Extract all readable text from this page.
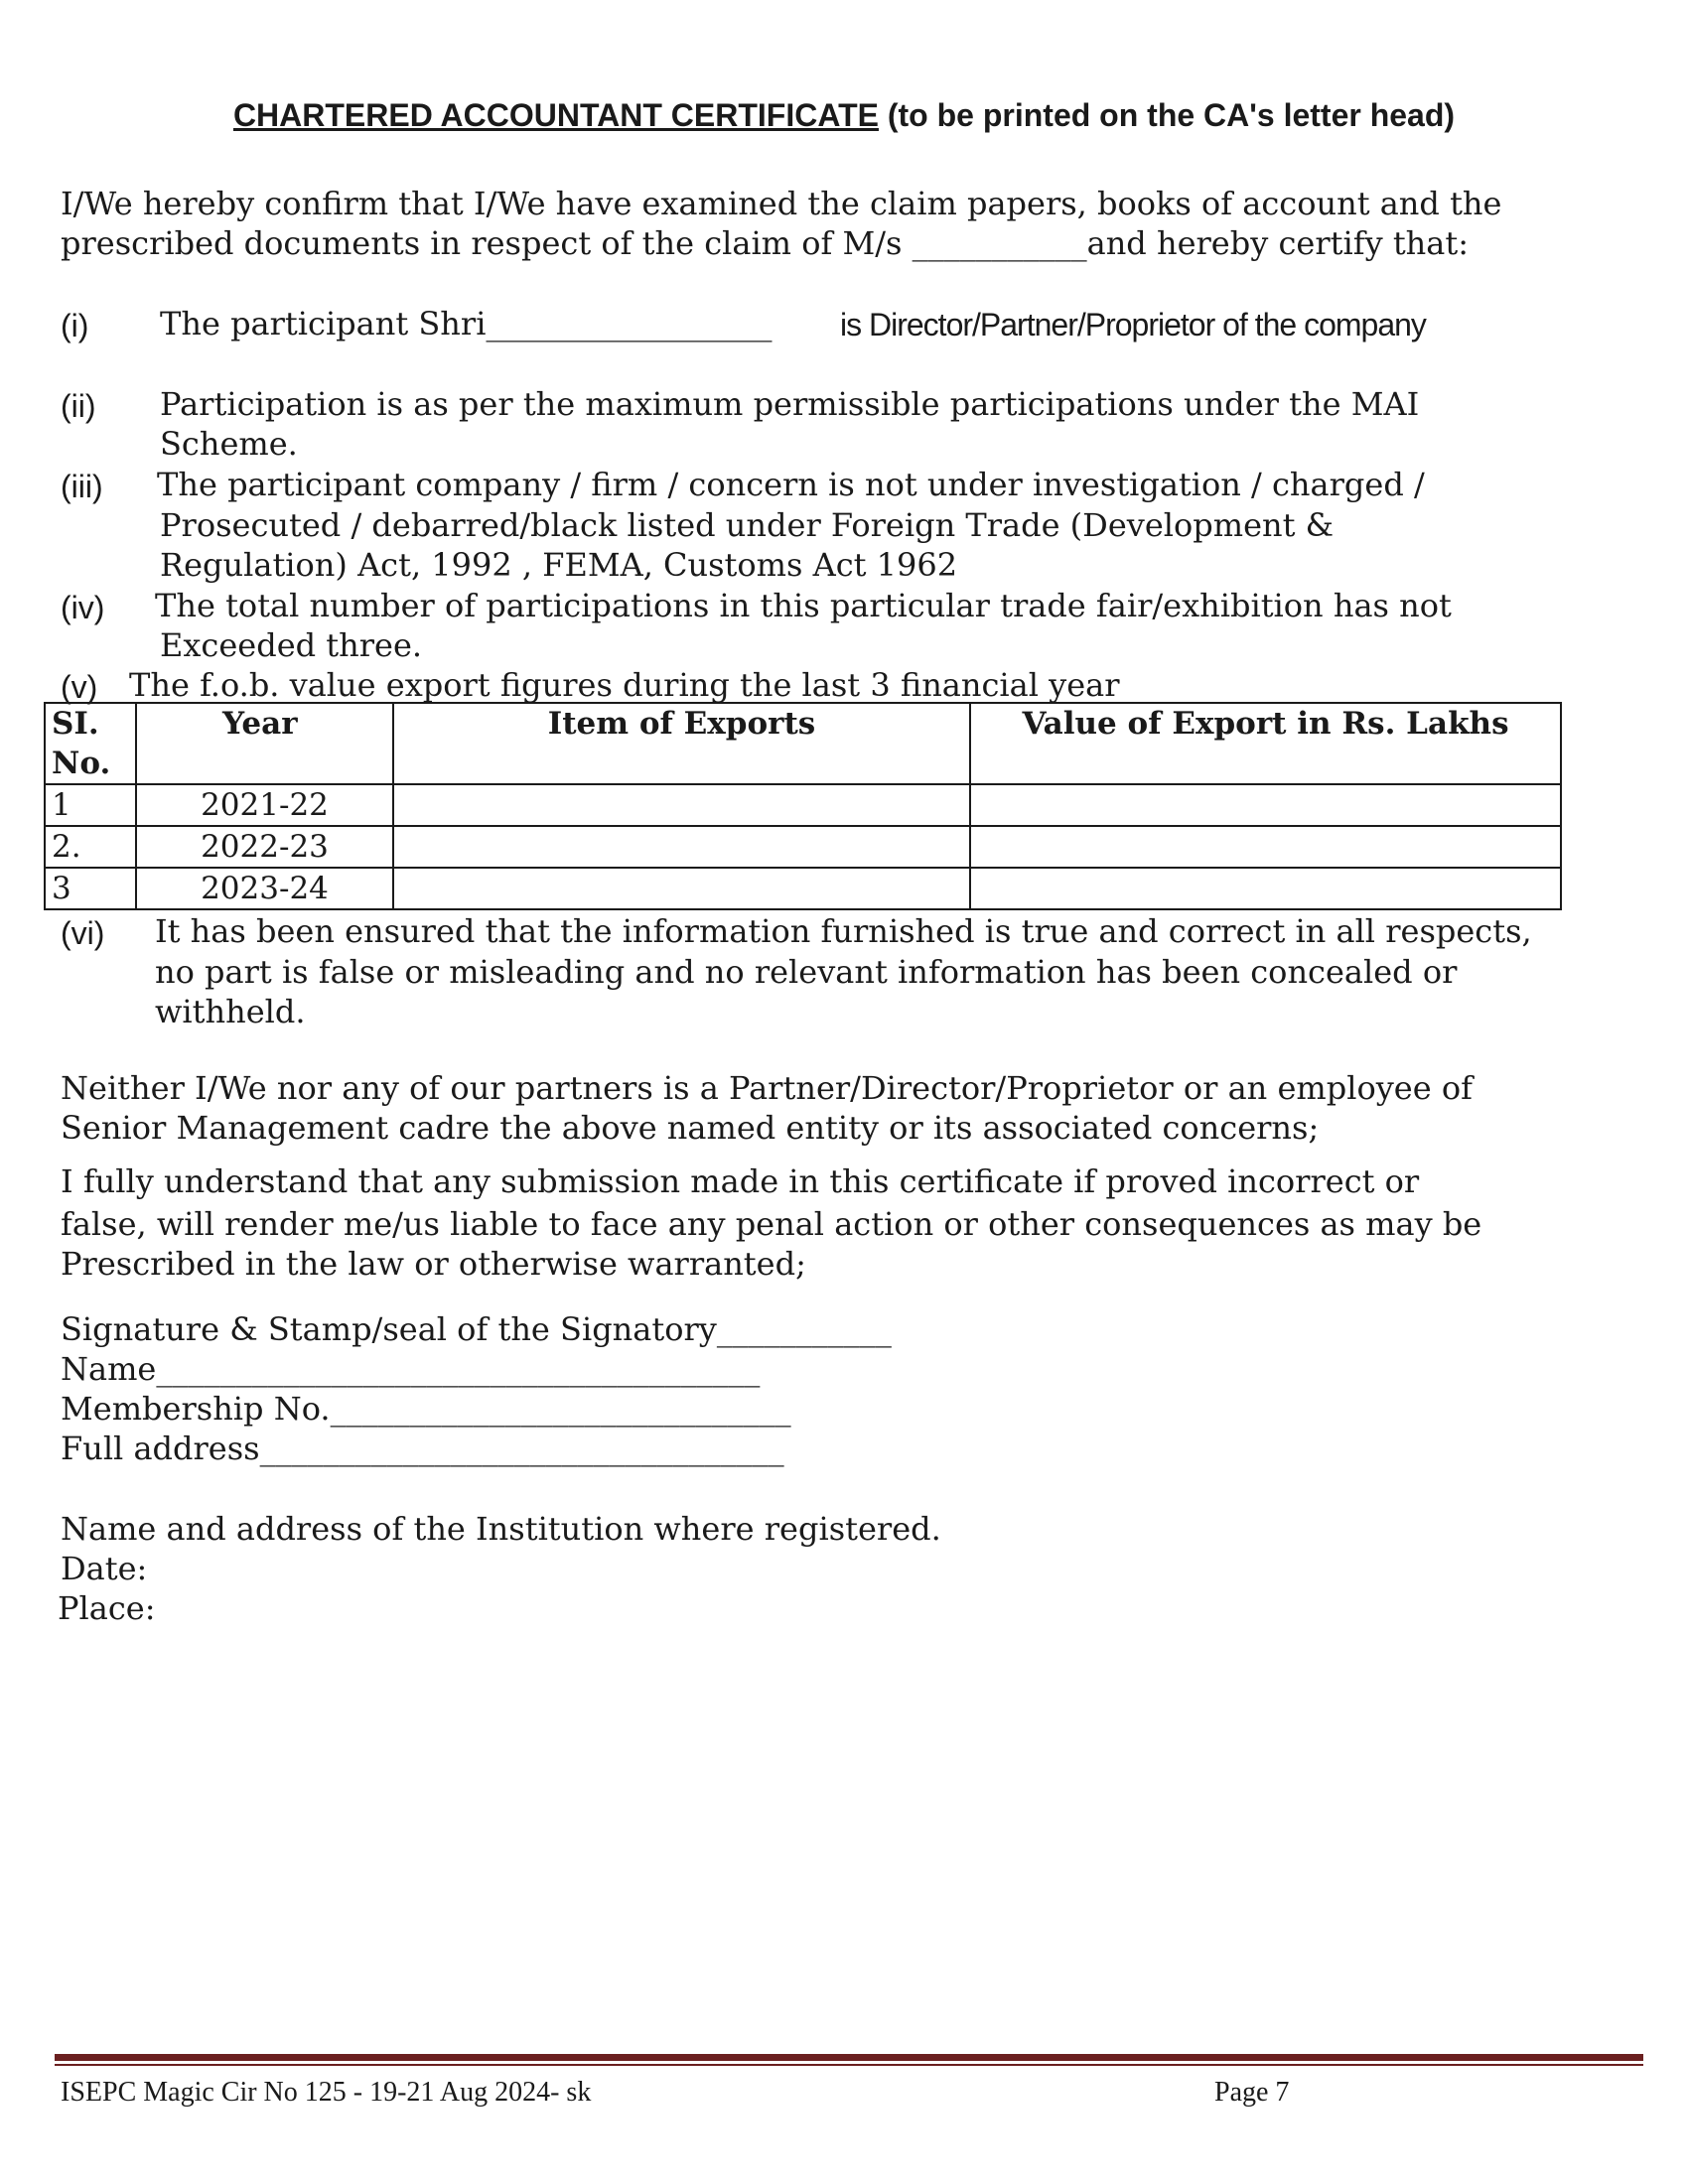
CHARTERED ACCOUNTANT CERTIFICATE (to be printed on the CA's letter head)
I/We hereby confirm that I/We have examined the claim papers, books of account and the
prescribed documents in respect of the claim of M/s ___________and hereby certify that:
(i) The participant Shri__________________ is Director/Partner/Proprietor of the company
(ii) Participation is as per the maximum permissible participations under the MAI
Scheme.
(iii) The participant company / firm / concern is not under investigation / charged /
Prosecuted / debarred/black listed under Foreign Trade (Development &
Regulation) Act, 1992 , FEMA, Customs Act 1962
(iv) The total number of participations in this particular trade fair/exhibition has not
Exceeded three.
(v) The f.o.b. value export figures during the last 3 financial year
SI.
No.	Year	Item of Exports	Value of Export in Rs. Lakhs
1	2021-22		
2.	2022-23		
3	2023-24		
(vi) It has been ensured that the information furnished is true and correct in all respects,
no part is false or misleading and no relevant information has been concealed or
withheld.
Neither I/We nor any of our partners is a Partner/Director/Proprietor or an employee of
Senior Management cadre the above named entity or its associated concerns;
I fully understand that any submission made in this certificate if proved incorrect or
false, will render me/us liable to face any penal action or other consequences as may be
Prescribed in the law or otherwise warranted;
Signature & Stamp/seal of the Signatory___________
Name______________________________________
Membership No._____________________________
Full address_________________________________
Name and address of the Institution where registered.
Date:
Place:
ISEPC Magic Cir No 125 - 19-21 Aug 2024- sk	Page 7
